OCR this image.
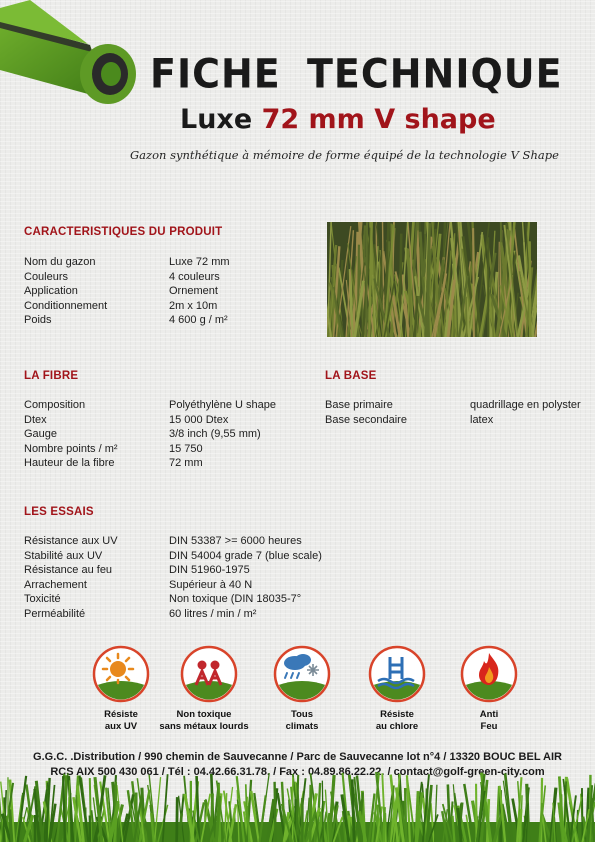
FICHE TECHNIQUE
Luxe 72 mm V shape
Gazon synthétique à mémoire de forme équipé de la technologie V Shape
CARACTERISTIQUES DU PRODUIT
Nom du gazon	Luxe 72 mm
Couleurs	4 couleurs
Application	Ornement
Conditionnement	2m x 10m
Poids	4 600 g / m²
LA FIBRE
Composition	Polyéthylène U shape
Dtex	15 000 Dtex
Gauge	3/8 inch (9,55 mm)
Nombre points / m²	15 750
Hauteur de la fibre	72 mm
LA BASE
Base primaire	quadrillage en polyster
Base secondaire	latex
LES ESSAIS
Résistance aux UV	DIN 53387 >= 6000 heures
Stabilité aux UV	DIN 54004 grade 7 (blue scale)
Résistance au feu	DIN 51960-1975
Arrachement	Supérieur à 40 N
Toxicité	Non toxique (DIN 18035-7°
Perméabilité	60 litres / min / m²
Résiste
aux UV
Non toxique
sans métaux lourds
Tous
climats
Résiste
au chlore
Anti
Feu
G.G.C. .Distribution / 990 chemin de Sauvecanne / Parc de Sauvecanne lot n°4 / 13320 BOUC BEL AIR
RCS AIX 500 430 061 / Tél : 04.42.66.31.78. / Fax : 04.89.86.22.22. / contact@golf-green-city.com
